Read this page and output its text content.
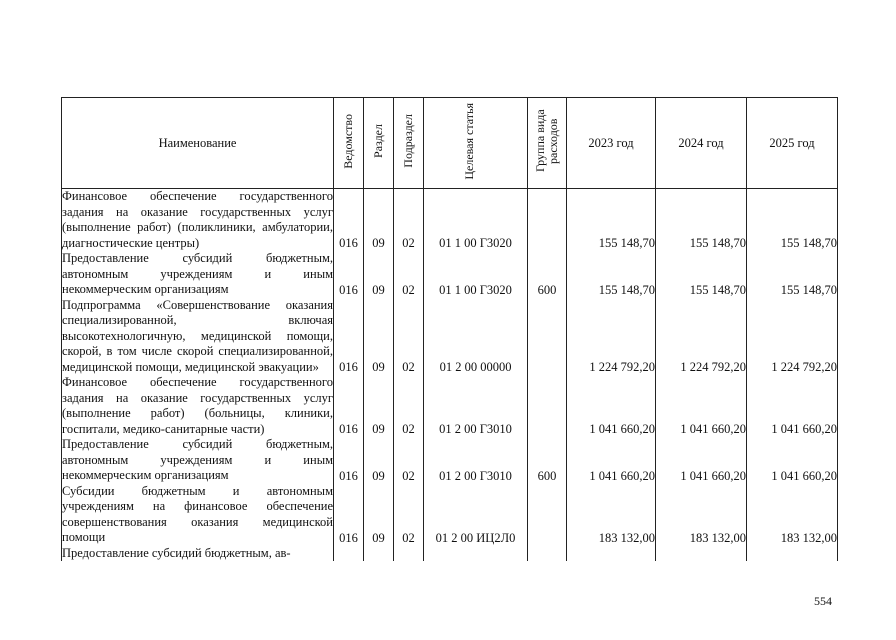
Наименование	Ведомство	Раздел	Подраздел	Целевая статья	Группа вида расходов	2023 год	2024 год	2025 год
Финансовое обеспечение государственного задания на оказание государственных услуг (выполнение работ) (поликлиники, амбулатории, диагностические центры)	016	09	02	01 1 00 Г3020		155 148,70	155 148,70	155 148,70
Предоставление субсидий бюджетным, автономным учреждениям и иным некоммерческим организациям	016	09	02	01 1 00 Г3020	600	155 148,70	155 148,70	155 148,70
Подпрограмма «Совершенствование оказания специализированной, включая высокотехнологичную, медицинской помощи, скорой, в том числе скорой специализированной, медицинской помощи, медицинской эвакуации»	016	09	02	01 2 00 00000		1 224 792,20	1 224 792,20	1 224 792,20
Финансовое обеспечение государственного задания на оказание государственных услуг (выполнение работ) (больницы, клиники, госпитали, медико-санитарные части)	016	09	02	01 2 00 Г3010		1 041 660,20	1 041 660,20	1 041 660,20
Предоставление субсидий бюджетным, автономным учреждениям и иным некоммерческим организациям	016	09	02	01 2 00 Г3010	600	1 041 660,20	1 041 660,20	1 041 660,20
Субсидии бюджетным и автономным учреждениям на финансовое обеспечение совершенствования оказания медицинской помощи	016	09	02	01 2 00 ИЦ2Л0		183 132,00	183 132,00	183 132,00
Предоставление субсидий бюджетным, ав-								
554
